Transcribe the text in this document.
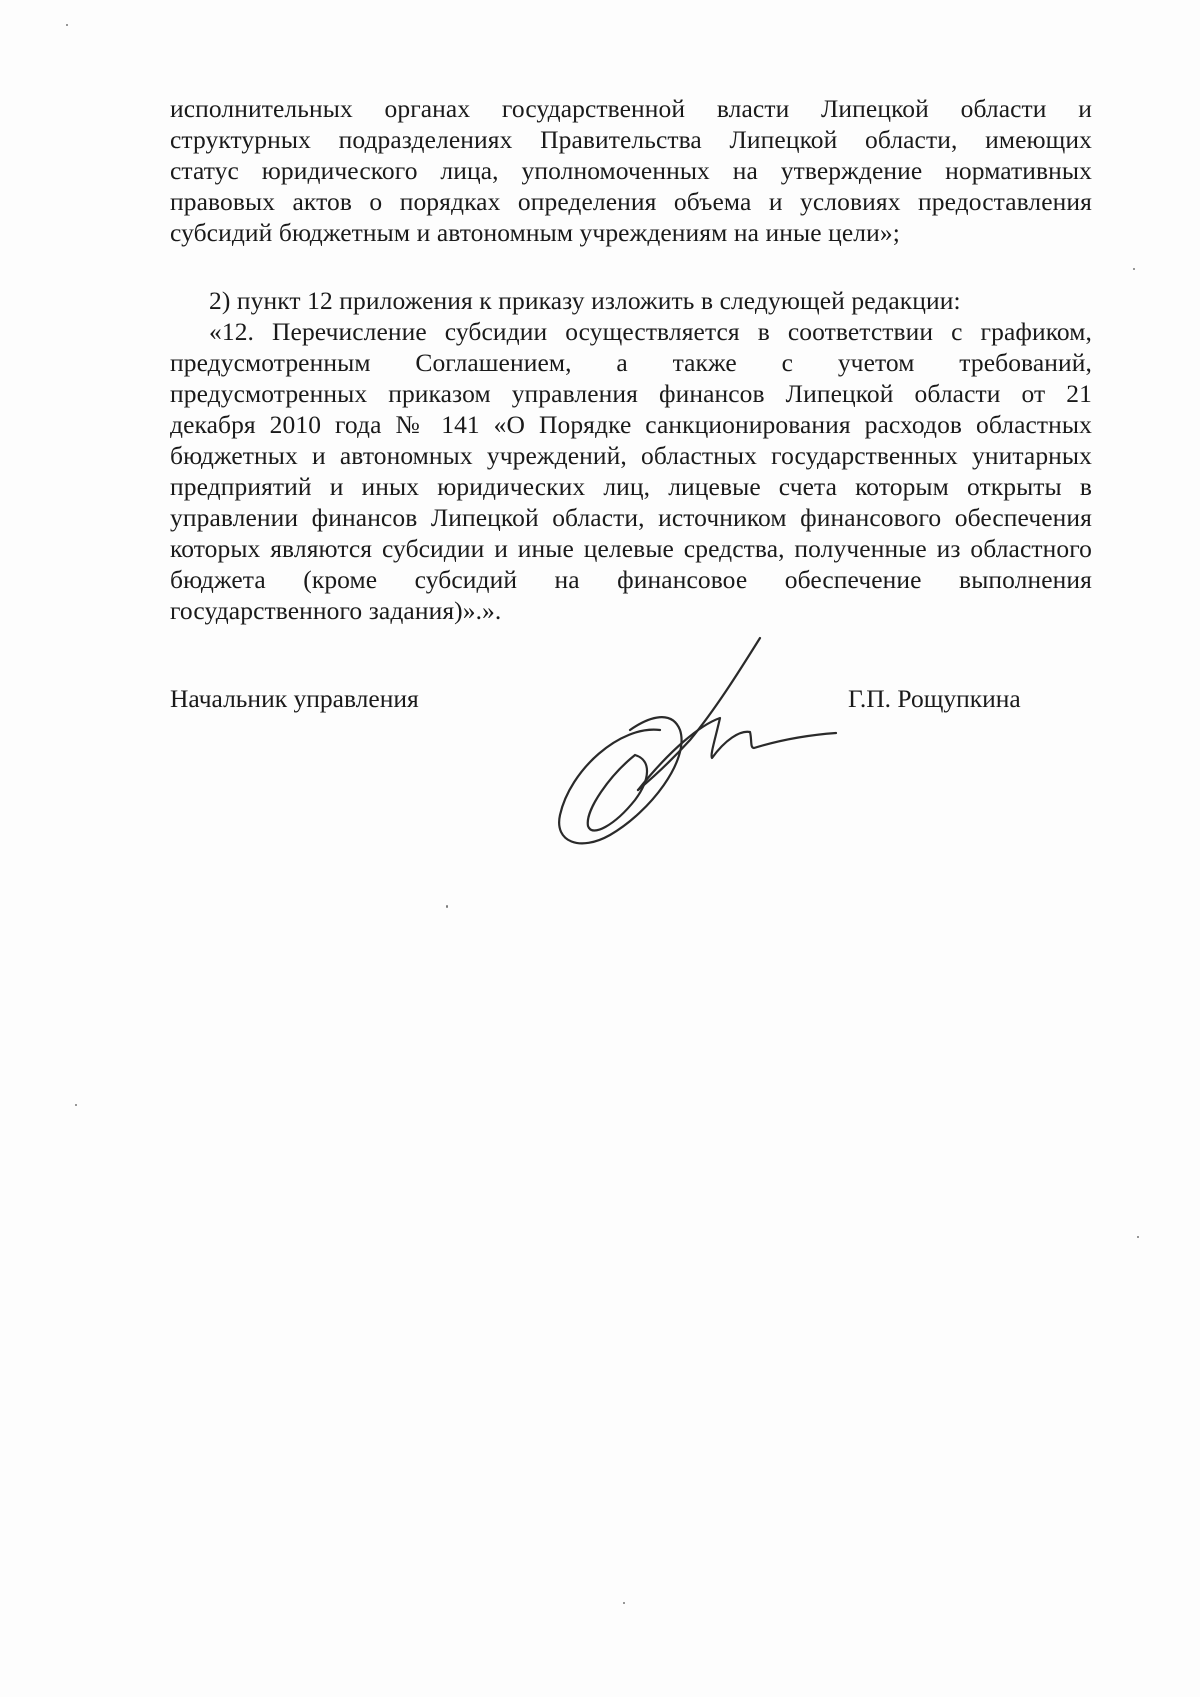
исполнительных органах государственной власти Липецкой области и
структурных подразделениях Правительства Липецкой области, имеющих
статус юридического лица, уполномоченных на утверждение нормативных
правовых актов о порядках определения объема и условиях предоставления
субсидий бюджетным и автономным учреждениям на иные цели»;
2) пункт 12 приложения к приказу изложить в следующей редакции:
«12. Перечисление субсидии осуществляется в соответствии с графиком,
предусмотренным Соглашением, а также с учетом требований,
предусмотренных приказом управления финансов Липецкой области от 21
декабря 2010 года № 141 «О Порядке санкционирования расходов областных
бюджетных и автономных учреждений, областных государственных унитарных
предприятий и иных юридических лиц, лицевые счета которым открыты в
управлении финансов Липецкой области, источником финансового обеспечения
которых являются субсидии и иные целевые средства, полученные из областного
бюджета (кроме субсидий на финансовое обеспечение выполнения
государственного задания)».».
Начальник управления	Г.П. Рощупкина
